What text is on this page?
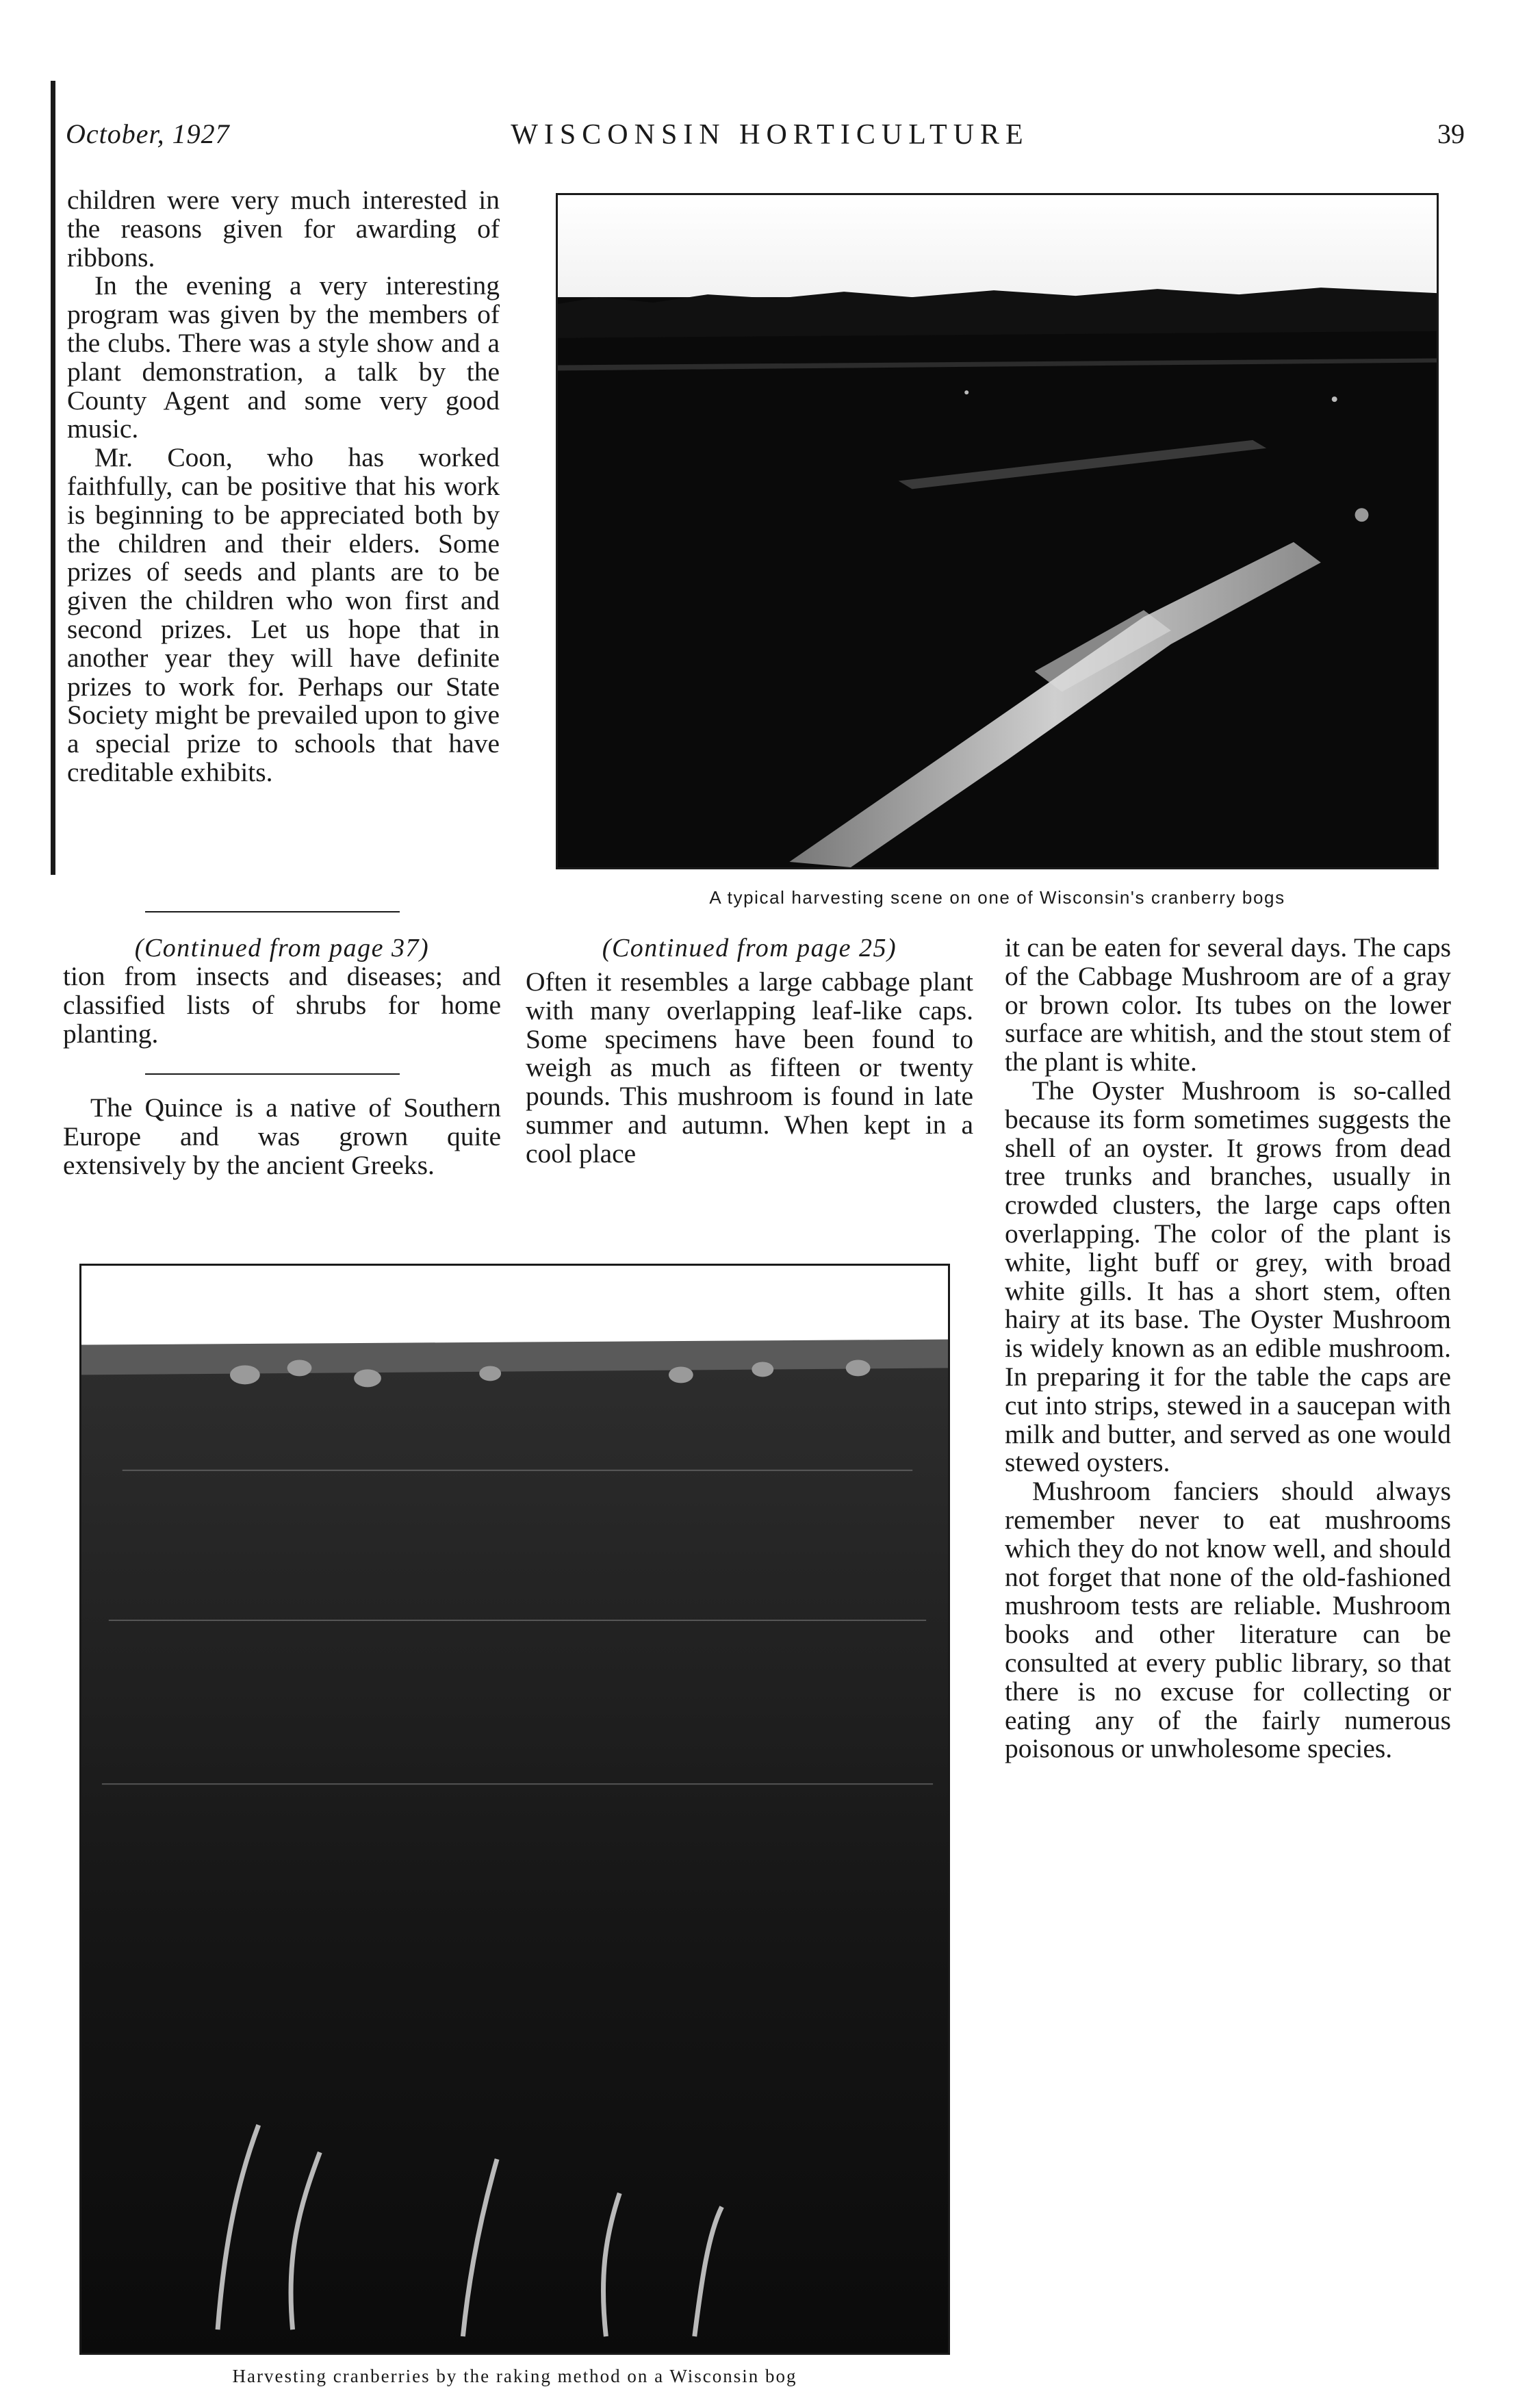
WISCONSIN HORTICULTURE
October, 1927	39

children were very much interested in the reasons given for awarding of ribbons.

In the evening a very interesting program was given by the members of the clubs. There was a style show and a plant demonstration, a talk by the County Agent and some very good music.

Mr. Coon, who has worked faithfully, can be positive that his work is beginning to be appreciated both by the children and their elders. Some prizes of seeds and plants are to be given the children who won first and second prizes. Let us hope that in another year they will have definite prizes to work for. Perhaps our State Society might be prevailed upon to give a special prize to schools that have creditable exhibits.

(Continued from page 37)

tion from insects and diseases; and classified lists of shrubs for home planting.

The Quince is a native of Southern Europe and was grown quite extensively by the ancient Greeks.

A typical harvesting scene on one of Wisconsin's cranberry bogs
(Continued from page 25)

Often it resembles a large cabbage plant with many overlapping leaf-like caps. Some specimens have been found to weigh as much as fifteen or twenty pounds. This mushroom is found in late summer and autumn. When kept in a cool place

it can be eaten for several days. The caps of the Cabbage Mushroom are of a gray or brown color. Its tubes on the lower surface are whitish, and the stout stem of the plant is white.

The Oyster Mushroom is so-called because its form sometimes suggests the shell of an oyster. It grows from dead tree trunks and branches, usually in crowded clusters, the large caps often overlapping. The color of the plant is white, light buff or grey, with broad white gills. It has a short stem, often hairy at its base. The Oyster Mushroom is widely known as an edible mushroom. In preparing it for the table the caps are cut into strips, stewed in a saucepan with milk and butter, and served as one would stewed oysters.

Mushroom fanciers should always remember never to eat mushrooms which they do not know well, and should not forget that none of the old-fashioned mushroom tests are reliable. Mushroom books and other literature can be consulted at every public library, so that there is no excuse for collecting or eating any of the fairly numerous poisonous or unwholesome species.

Harvesting cranberries by the raking method on a Wisconsin bog
